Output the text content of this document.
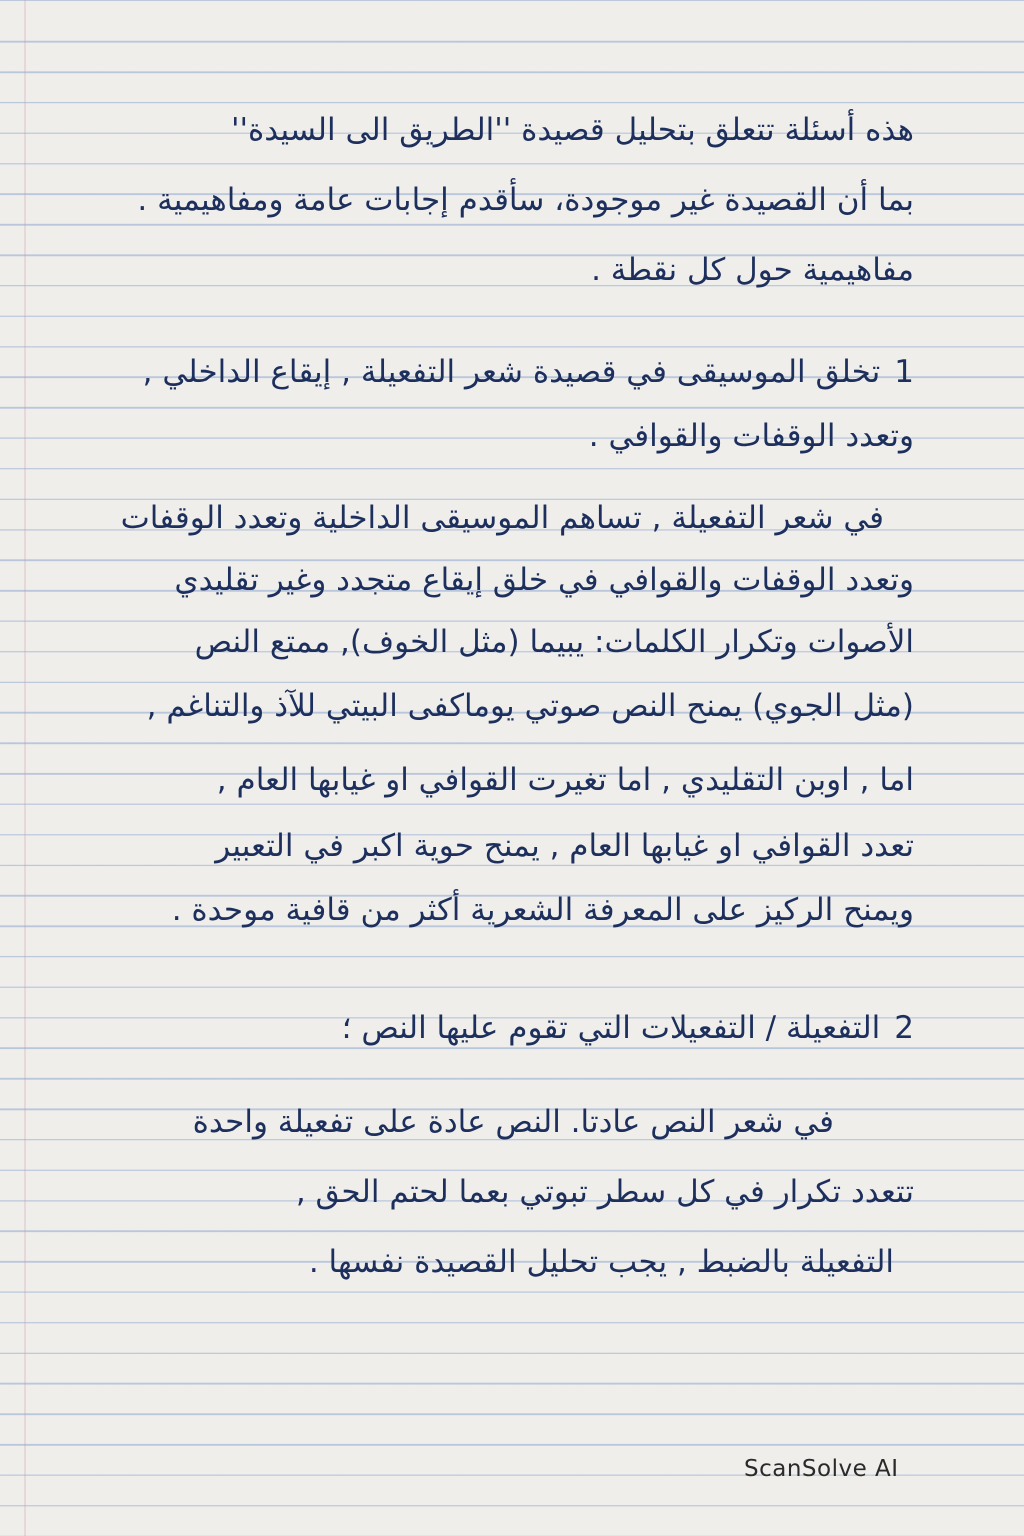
هذه أسئلة تتعلق بتحليل قصيدة ''الطريق الى السيدة''
بما أن القصيدة غير موجودة، سأقدم إجابات عامة ومفاهيمية .
مفاهيمية حول كل نقطة .
1تخلق الموسيقى في قصيدة شعر التفعيلة , إيقاع الداخلي ,
وتعدد الوقفات والقوافي .
في شعر التفعيلة , تساهم الموسيقى الداخلية وتعدد الوقفات
وتعدد الوقفات والقوافي في خلق إيقاع متجدد وغير تقليدي
الأصوات وتكرار الكلمات: يبيما (مثل الخوف), ممتع النص
(مثل الجوي) يمنح النص صوتي يوماكفى البيتي للآذ والتناغم ,
اما , اوبن التقليدي , اما تغيرت القوافي او غيابها العام ,
تعدد القوافي او غيابها العام , يمنح حوية اكبر في التعبير
ويمنح الركيز على المعرفة الشعرية أكثر من قافية موحدة .
2التفعيلة / التفعيلات التي تقوم عليها النص ؛
في شعر النص عادتا. النص عادة على تفعيلة واحدة
تتعدد تكرار في كل سطر تبوتي بعما لحتم الحق ,
التفعيلة بالضبط , يجب تحليل القصيدة نفسها .
ScanSolve AI
